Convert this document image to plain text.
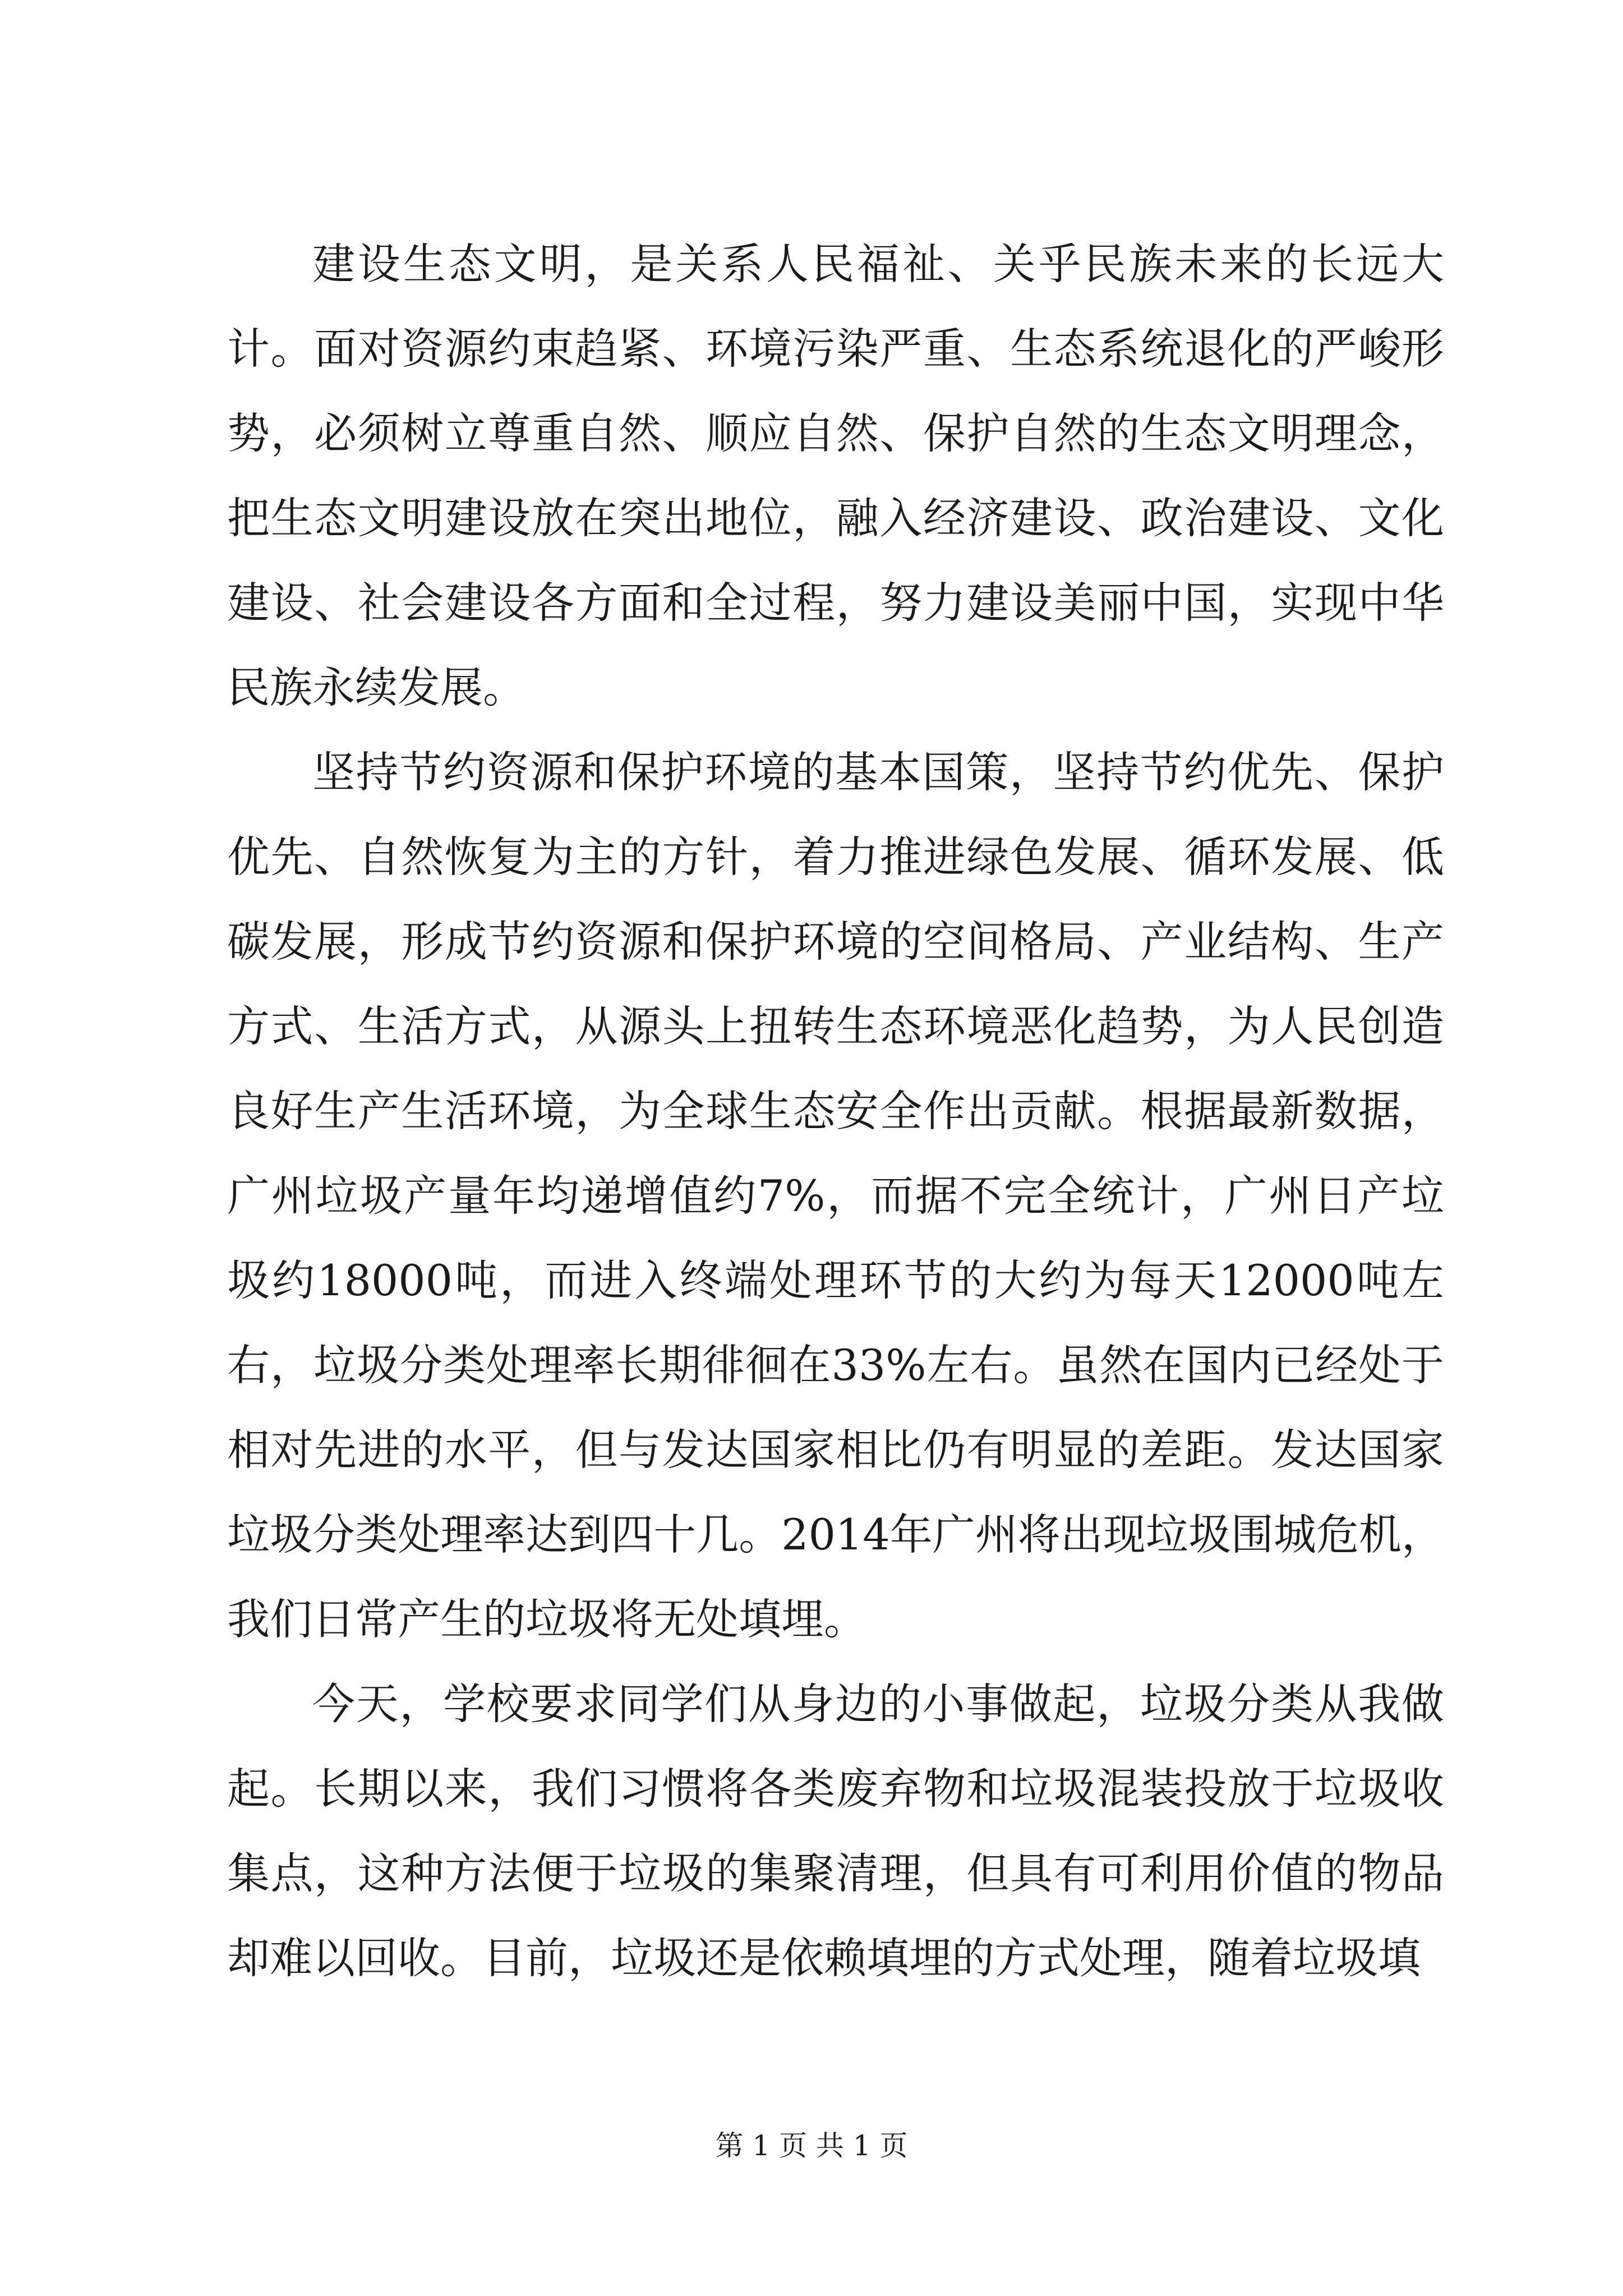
建设生态文明，是关系人民福祉、关乎民族未来的长远大计。面对资源约束趋紧、环境污染严重、生态系统退化的严峻形势，必须树立尊重自然、顺应自然、保护自然的生态文明理念，把生态文明建设放在突出地位，融入经济建设、政治建设、文化建设、社会建设各方面和全过程，努力建设美丽中国，实现中华民族永续发展。

坚持节约资源和保护环境的基本国策，坚持节约优先、保护优先、自然恢复为主的方针，着力推进绿色发展、循环发展、低碳发展，形成节约资源和保护环境的空间格局、产业结构、生产方式、生活方式，从源头上扭转生态环境恶化趋势，为人民创造良好生产生活环境，为全球生态安全作出贡献。根据最新数据，广州垃圾产量年均递增值约7%，而据不完全统计，广州日产垃圾约18000吨，而进入终端处理环节的大约为每天12000吨左右，垃圾分类处理率长期徘徊在33%左右。虽然在国内已经处于相对先进的水平，但与发达国家相比仍有明显的差距。发达国家垃圾分类处理率达到四十几。2014年广州将出现垃圾围城危机，我们日常产生的垃圾将无处填埋。

今天，学校要求同学们从身边的小事做起，垃圾分类从我做起。长期以来，我们习惯将各类废弃物和垃圾混装投放于垃圾收集点，这种方法便于垃圾的集聚清理，但具有可利用价值的物品却难以回收。目前，垃圾还是依赖填埋的方式处理，随着垃圾填

第 1 页 共 1 页
